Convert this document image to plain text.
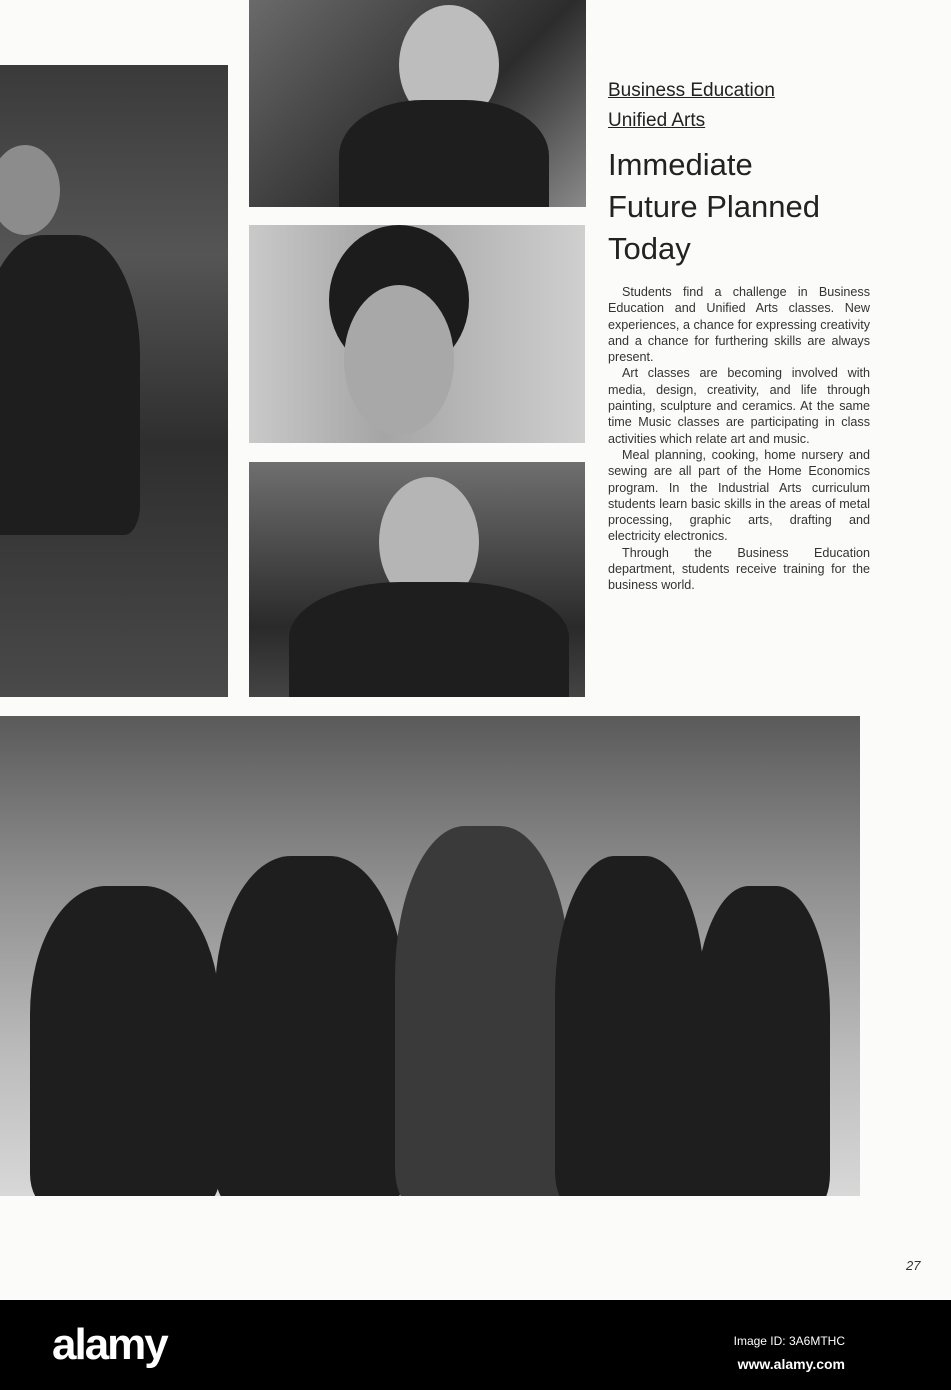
Business Education
Unified Arts
Immediate
Future Planned
Today

Students find a challenge in Business Education and Unified Arts classes. New experiences, a chance for expressing creativity and a chance for furthering skills are always present.

Art classes are becoming involved with media, design, creativity, and life through painting, sculpture and ceramics. At the same time Music classes are participating in class activities which relate art and music.

Meal planning, cooking, home nursery and sewing are all part of the Home Economics program. In the Industrial Arts curriculum students learn basic skills in the areas of metal processing, graphic arts, drafting and electricity electronics.

Through the Business Education department, students receive training for the business world.

27
alamy	Image ID: 3A6MTHC
www.alamy.com
